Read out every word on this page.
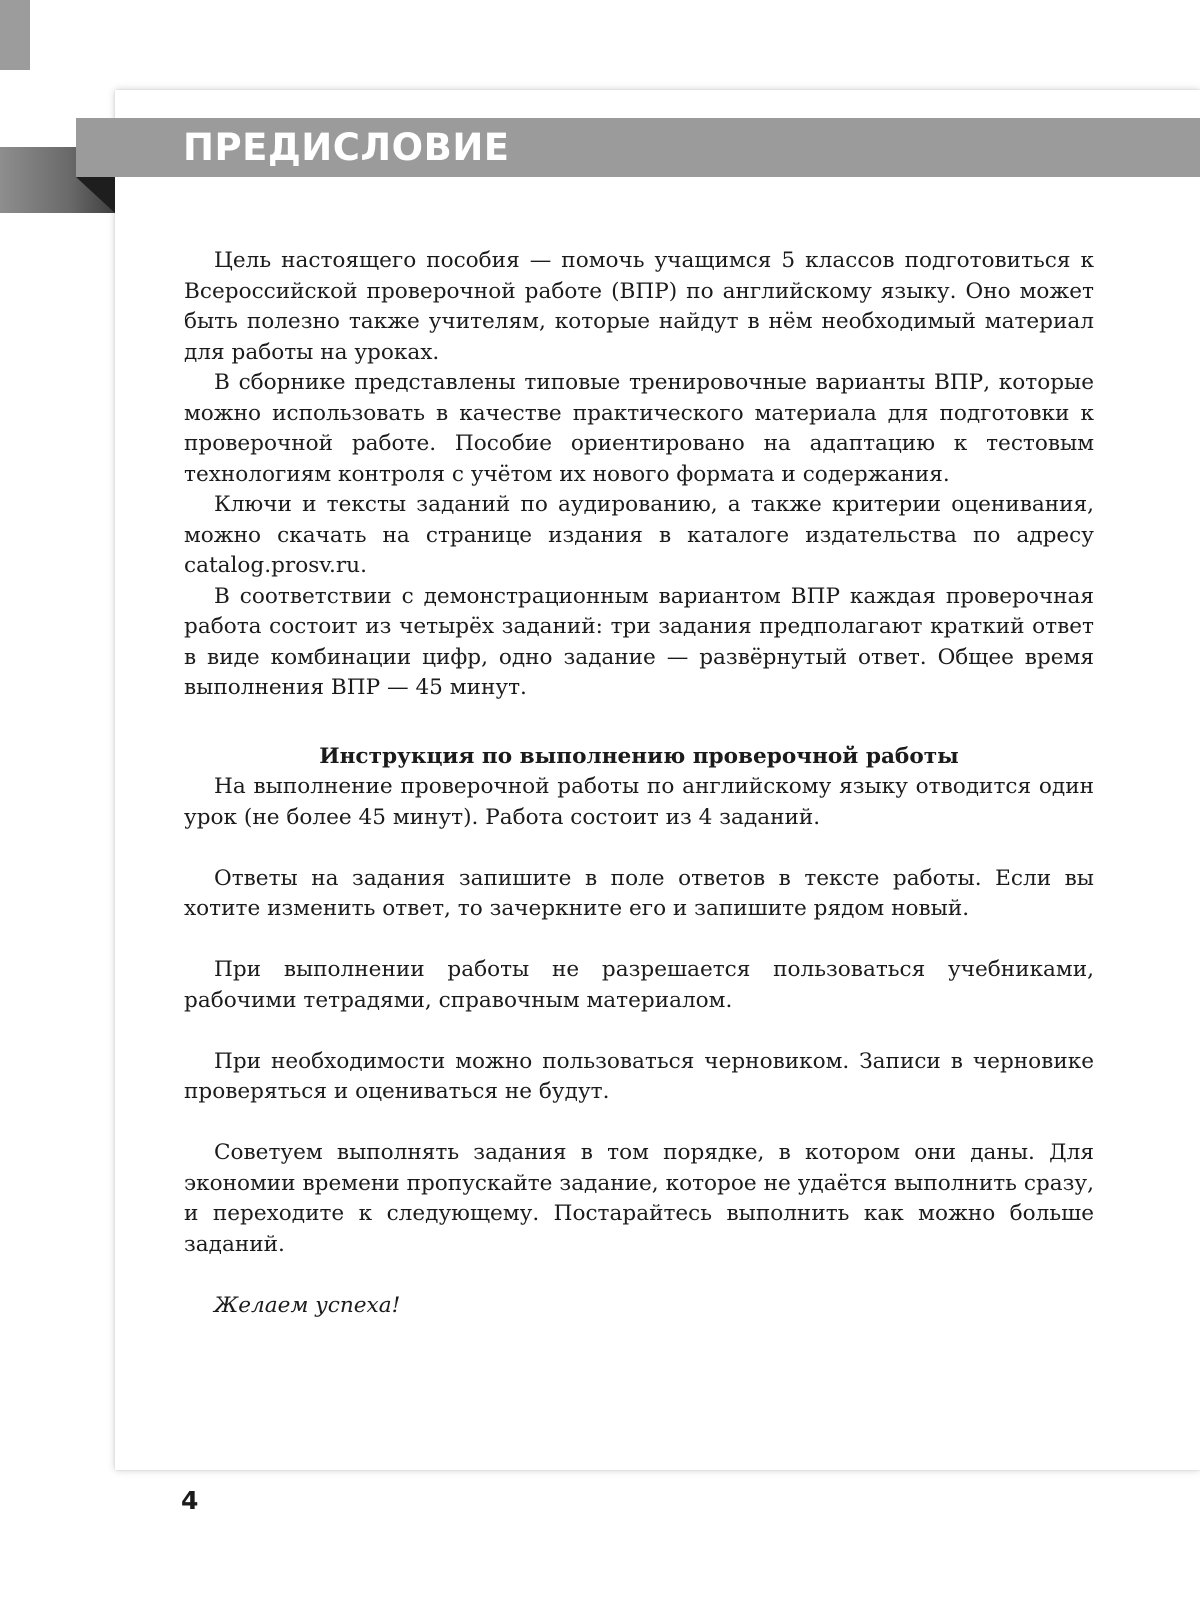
ПРЕДИСЛОВИЕ

Цель настоящего пособия — помочь учащимся 5 классов подготовиться к Всероссийской проверочной работе (ВПР) по английскому языку. Оно может быть полезно также учителям, которые найдут в нём необходимый материал для работы на уроках.

В сборнике представлены типовые тренировочные варианты ВПР, которые можно использовать в качестве практического материала для подготовки к проверочной работе. Пособие ориентировано на адаптацию к тестовым технологиям контроля с учётом их нового формата и содержания.

Ключи и тексты заданий по аудированию, а также критерии оценивания, можно скачать на странице издания в каталоге издательства по адресу catalog.prosv.ru.

В соответствии с демонстрационным вариантом ВПР каждая проверочная работа состоит из четырёх заданий: три задания предполагают краткий ответ в виде комбинации цифр, одно задание — развёрнутый ответ. Общее время выполнения ВПР — 45 минут.

Инструкция по выполнению проверочной работы

На выполнение проверочной работы по английскому языку отводится один урок (не более 45 минут). Работа состоит из 4 заданий.

Ответы на задания запишите в поле ответов в тексте работы. Если вы хотите изменить ответ, то зачеркните его и запишите рядом новый.

При выполнении работы не разрешается пользоваться учебниками, рабочими тетрадями, справочным материалом.

При необходимости можно пользоваться черновиком. Записи в черновике проверяться и оцениваться не будут.

Советуем выполнять задания в том порядке, в котором они даны. Для экономии времени пропускайте задание, которое не удаётся выполнить сразу, и переходите к следующему. Постарайтесь выполнить как можно больше заданий.

Желаем успеха!

4
